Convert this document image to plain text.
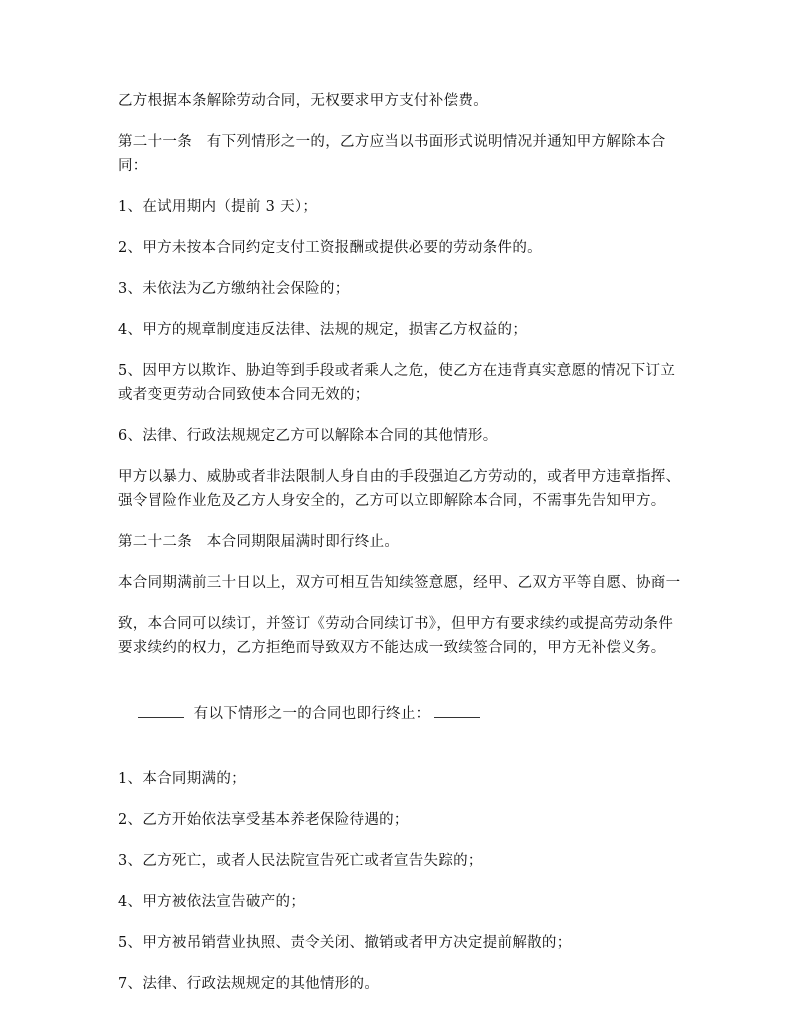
乙方根据本条解除劳动合同，无权要求甲方支付补偿费。

第二十一条　有下列情形之一的，乙方应当以书面形式说明情况并通知甲方解除本合同：

1、在试用期内（提前 3 天）；

2、甲方未按本合同约定支付工资报酬或提供必要的劳动条件的。

3、未依法为乙方缴纳社会保险的；

4、甲方的规章制度违反法律、法规的规定，损害乙方权益的；

5、因甲方以欺诈、胁迫等到手段或者乘人之危，使乙方在违背真实意愿的情况下订立或者变更劳动合同致使本合同无效的；

6、法律、行政法规规定乙方可以解除本合同的其他情形。

甲方以暴力、威胁或者非法限制人身自由的手段强迫乙方劳动的，或者甲方违章指挥、强令冒险作业危及乙方人身安全的，乙方可以立即解除本合同，不需事先告知甲方。

第二十二条　本合同期限届满时即行终止。

本合同期满前三十日以上，双方可相互告知续签意愿，经甲、乙双方平等自愿、协商一

致，本合同可以续订，并签订《劳动合同续订书》，但甲方有要求续约或提高劳动条件要求续约的权力，乙方拒绝而导致双方不能达成一致续签合同的，甲方无补偿义务。

有以下情形之一的合同也即行终止：

1、本合同期满的；

2、乙方开始依法享受基本养老保险待遇的；

3、乙方死亡，或者人民法院宣告死亡或者宣告失踪的；

4、甲方被依法宣告破产的；

5、甲方被吊销营业执照、责令关闭、撤销或者甲方决定提前解散的；

7、法律、行政法规规定的其他情形的。
